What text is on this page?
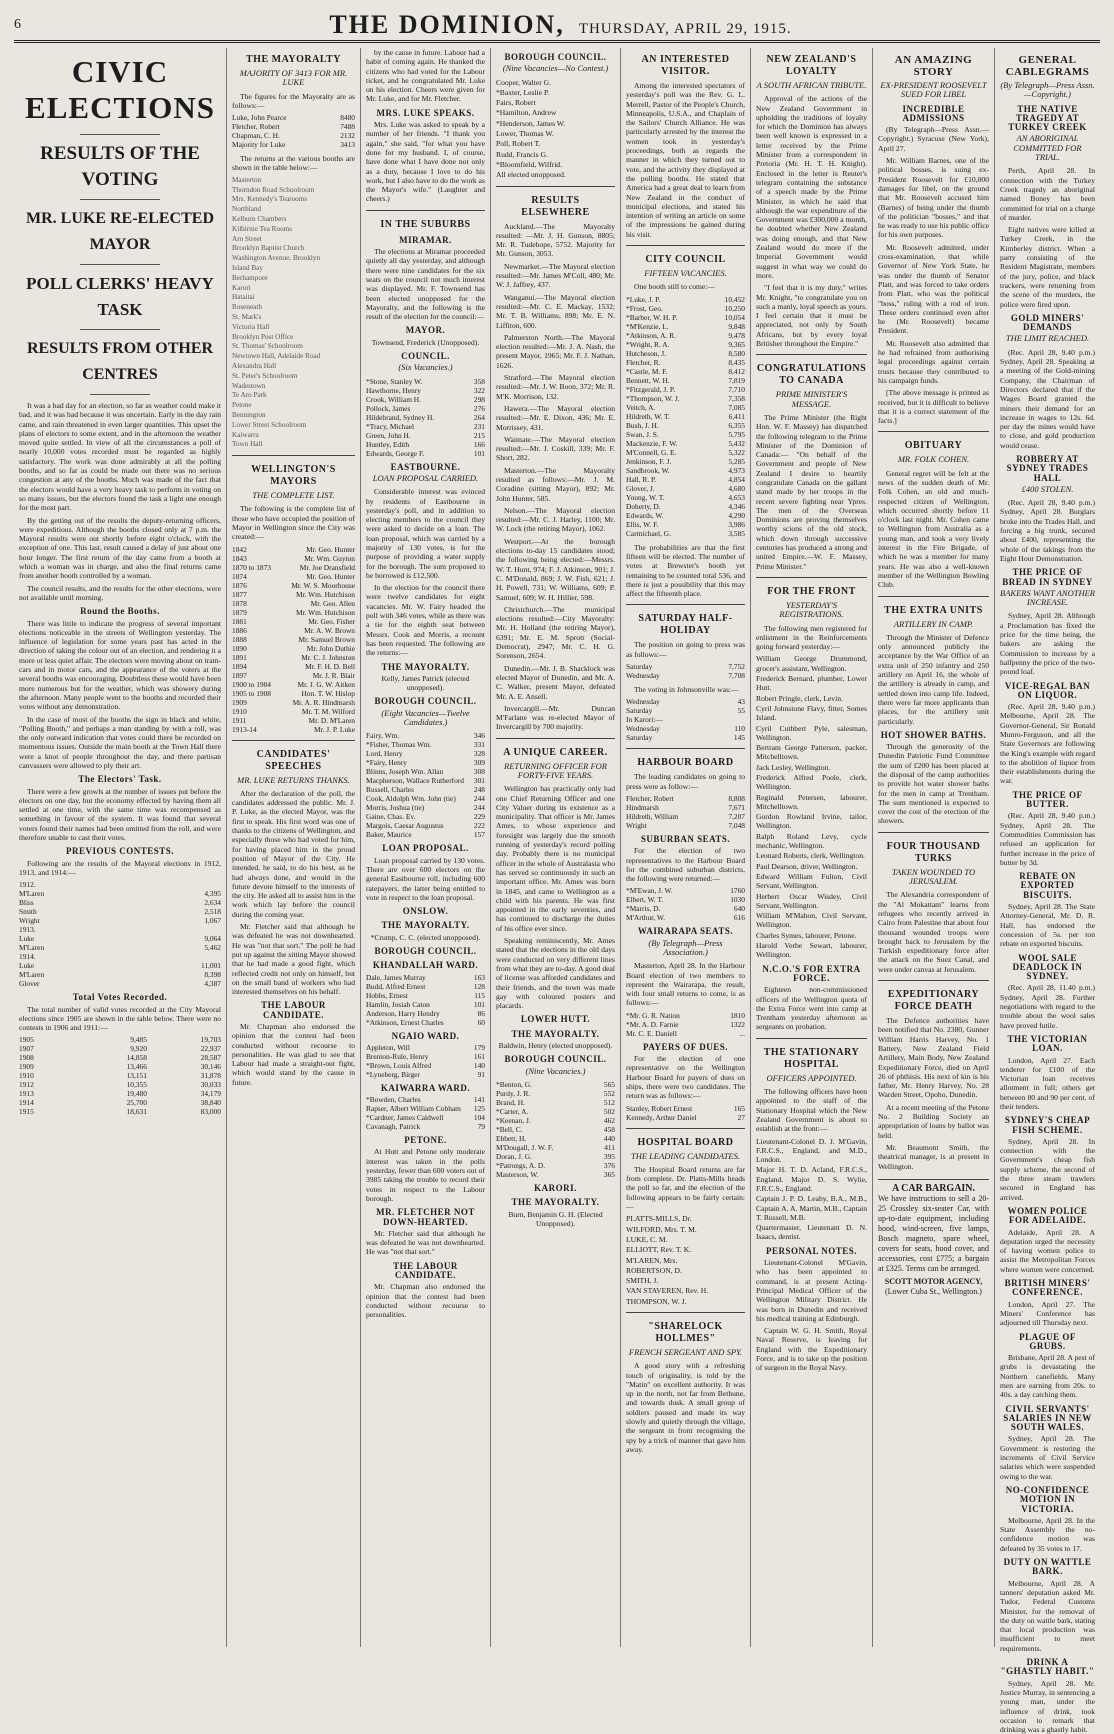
6	THE DOMINION, THURSDAY, APRIL 29, 1915.
CIVIC ELECTIONS
RESULTS OF THE VOTING
MR. LUKE RE-ELECTED MAYOR
POLL CLERKS' HEAVY TASK
RESULTS FROM OTHER CENTRES

It was a bad day for an election, so far as weather could make it bad, and it was bad because it was uncertain. Early in the day rain came, and rain threatened in even larger quantities. This upset the plans of electors to some extent, and in the afternoon the weather moved quite settled. In view of all the circumstances a poll of nearly 10,000 votes recorded must be regarded as highly satisfactory. The work was done admirably at all the polling booths, and so far as could be made out there was no serious congestion at any of the booths. Much was made of the fact that the electors would have a very heavy task to perform in voting on so many issues, but the electors found the task a light one enough for the most part.

By the getting out of the results the deputy-returning officers, were expeditious. Although the booths closed only at 7 p.m. the Mayoral results were out shortly before eight o'clock, with the exception of one. This last, result caused a delay of just about one hour longer. The first return of the day came from a booth at which a woman was in charge, and also the final returns came from another booth controlled by a woman.

The council results, and the results for the other elections, were not available until morning.

Round the Booths.

There was little to indicate the progress of several important elections noticeable in the streets of Wellington yesterday. The influence of legislation for some years past has acted in the direction of taking the colour out of an election, and rendering it a more or less quiet affair. The electors were moving about on tram-cars and in motor cars, and the appearance of the voters at the several booths was encouraging. Doubtless these would have been more numerous but for the weather, which was showery during the afternoon. Many people went to the booths and recorded their votes without any demonstration.

In the case of most of the booths the sign in black and white, "Polling Booth," and perhaps a man standing by with a roll, was the only outward indication that votes could there be recorded on momentous issues. Outside the main booth at the Town Hall there were a knot of people throughout the day, and there partisan canvassers were allowed to ply their art.

The Electors' Task.

There were a few growls at the number of issues put before the electors on one day, but the economy effected by having them all settled at one time, with the same time was recompensed as something in favour of the system. It was found that several voters found their names had been omitted from the roll, and were therefore unable to cast their votes.

PREVIOUS CONTESTS.

Following are the results of the Mayoral elections in 1912, 1913, and 1914:—

1912.	
M'Laren	4,395
Bliss	2,634
Smith	2,518
Wright	1,067
1913.	
Luke	9,064
M'Laren	5,462
1914.	
Luke	11,001
M'Laren	8,398
Glover	4,387
Total Votes Recorded.

The total number of valid votes recorded at the City Mayoral elections since 1905 are shown in the table below. There were no contests in 1906 and 1911:—

1905	9,485	19,703
1907	9,920	22,937
1908	14,858	28,587
1909	13,466	30,146
1910	13,151	31,878
1912	10,355	30,033
1913	19,480	34,179
1914	25,700	38,840
1915	18,631	83,000
THE MAYORALTY
MAJORITY OF 3413 FOR MR. LUKE

The figures for the Mayoralty are as follows:—

Luke, John Pearce	8480
Fletcher, Robert	7488
Chapman, C. H.	2132
Majority for Luke	3413

The returns at the various booths are shown in the table below:—

Masterton
Thorndon Road Schoolroom
Mrs. Kennedy's Tearooms
Northland
Kelburn Chambers
Kilbirnie Tea Rooms
Aro Street
Brooklyn Baptist Church
Washington Avenue, Brooklyn
Island Bay
Berhampore
Karori
Hataitai
Roseneath
St. Mark's
Victoria Hall
Brooklyn Post Office
St. Thomas' Schoolroom
Newtown Hall, Adelaide Road
Alexandra Hall
St. Peter's Schoolroom
Wadestown
Te Aro Park
Petone
Bennington
Lower Street Schoolroom
Kaiwarra
Town Hall
WELLINGTON'S MAYORS
THE COMPLETE LIST.

The following is the complete list of those who have occupied the position of Mayor in Wellington since the City was created:—

1842	Mr. Geo. Hunter
1843	Mr. Wm. Guyton
1870 to 1873	Mr. Joe Dransfield
1874	Mr. Geo. Hunter
1876	Mr. W. S. Moorhouse
1877	Mr. Wm. Hutchison
1878	Mr. Geo. Allen
1879	Mr. Wm. Hutchison
1881	Mr. Geo. Fisher
1886	Mr. A. W. Brown
1888	Mr. Samuel Brown
1890	Mr. John Duthie
1891	Mr. C. J. Johnston
1894	Mr. F. H. D. Bell
1897	Mr. J. R. Blair
1900 to 1904	Mr. J. G. W. Aitken
1905 to 1908	Hon. T. W. Hislop
1909	Mr. A. R. Hindmarsh
1910	Mr. T. M. Wilford
1911	Mr. D. M'Laren
1913-14	Mr. J. P. Luke
CANDIDATES' SPEECHES
MR. LUKE RETURNS THANKS.

After the declaration of the poll, the candidates addressed the public. Mr. J. P. Luke, as the elected Mayor, was the first to speak. His first word was one of thanks to the citizens of Wellington, and especially those who had voted for him, for having placed him in the proud position of Mayor of the City. He intended, he said, to do his best, as he had always done, and would in the future devote himself to the interests of the city. He asked all to assist him in the work which lay before the council during the coming year.

Mr. Fletcher said that although he was defeated he was not downhearted. He was "not that sort." The poll he had put up against the sitting Mayor showed that he had made a good fight, which reflected credit not only on himself, but on the small band of workers who had interested themselves on his behalf.

THE LABOUR CANDIDATE.

Mr. Chapman also endorsed the opinion that the contest had been conducted without recourse to personalities. He was glad to see that Labour had made a straight-out fight, which would stand by the cause in future.

by the cause in future. Labour had a habit of coming again. He thanked the citizens who had voted for the Labour ticket, and he congratulated Mr. Luke on his election. Cheers were given for Mr. Luke, and for Mr. Fletcher.

MRS. LUKE SPEAKS.

Mrs. Luke was asked to speak by a number of her friends. "I thank you again," she said, "for what you have done for my husband. I, of course, have done what I have done not only as a duty, because I love to do his work, but I also have to do the work as the Mayor's wife." (Laughter and cheers.)

IN THE SUBURBS
MIRAMAR.

The elections at Miramar proceeded quietly all day yesterday, and although there were nine candidates for the six seats on the council not much interest was displayed. Mr. F. Townsend has been elected unopposed for the Mayoralty, and the following is the result of the election for the council:—

MAYOR.
Townsend, Frederick (Unopposed).
COUNCIL.
(Six Vacancies.)
*Stone, Stanley W.	358
Hawthorne, Henry	322
Crook, William H.	298
Pollock, James	276
Hildebrand, Sydney H.	264
*Tracy, Michael	231
Green, John H.	215
Huntley, Edith	166
Edwards, George F.	101
EASTBOURNE.
LOAN PROPOSAL CARRIED.

Considerable interest was evinced by residents of Eastbourne in yesterday's poll, and in addition to electing members to the council they were asked to decide on a loan. The loan proposal, which was carried by a majority of 130 votes, is for the purpose of providing a water supply for the borough. The sum proposed to be borrowed is £12,500.

In the election for the council there were twelve candidates for eight vacancies. Mr. W. Fairy headed the poll with 346 votes, while as there was a tie for the eighth seat between Messrs. Cook and Morris, a recount has been requested. The following are the returns:—

THE MAYORALTY.
Kelly, James Patrick (elected unopposed).
BOROUGH COUNCIL.
(Eight Vacancies—Twelve Candidates.)
Fairy, Wm.	346
*Fisher, Thomas Wm.	331
Lord, Henry	328
*Fairy, Henry	309
Blinns, Joseph Wm. Allan	308
Macpherson, Wallace Rutherford	301
Russell, Charles	248
Cook, Aldolph Wm. John (tie)	244
Morris, Joshua (tie)	244
Gaine, Chas. Ev.	229
Margois, Caesar Augustus	222
Baker, Maurice	157
LOAN PROPOSAL.

Loan proposal carried by 130 votes. There are over 600 electors on the general Eastbourne roll, including 600 ratepayers, the latter being entitled to vote in respect to the loan proposal.

ONSLOW.
THE MAYORALTY.
*Crump, C. C. (elected unopposed).
BOROUGH COUNCIL.
KHANDALLAH WARD.
Dale, James Murray	163
Budd, Alfred Ernest	128
Hobbs, Ernest	115
Hamlin, Josiah Caton	101
Anderson, Harry Hendry	86
*Atkinson, Ernest Charles	60
NGAIO WARD.
Appleton, Will	179
Brenton-Rule, Henry	161
*Brown, Louis Alfred	140
*Lyneberg, Birger	91
KAIWARRA WARD.
*Bowden, Charles	141
Rapser, Albert William Cobham	125
*Cardner, James Caldwell	104
Cavanagh, Patrick	79
PETONE.

At Hutt and Petone only moderate interest was taken in the polls yesterday, fewer than 600 voters out of 3985 taking the trouble to record their votes in respect to the Labour borough.

MR. FLETCHER NOT DOWN-HEARTED.

Mr. Fletcher said that although he was defeated he was not downhearted. He was "not that sort."

THE LABOUR CANDIDATE.

Mr. Chapman also endorsed the opinion that the contest had been conducted without recourse to personalities.

BOROUGH COUNCIL.
(Nine Vacancies—No Contest.)
Cooper, Walter G.
*Baxter, Leslie P.
Fairs, Robert
*Hamilton, Andrew
*Henderson, James W.
Lower, Thomas W.
Poll, Robert T.
Rudd, Francis G.
*Bloomfield, Wilfrid.
All elected unopposed.
RESULTS ELSEWHERE

Auckland.—The Mayoralty resulted: —Mr. J. H. Gunson, 8805; Mr. R. Tudehope, 5752. Majority for Mr. Gunson, 3053.

Newmarket.—The Mayoral election resulted:—Mr. James M'Coll, 480; Mr. W. J. Jaffrey, 437.

Wanganui.—The Mayoral election resulted:—Mr. C. E. Mackay, 1532; Mr. T. B. Williams, 898; Mr. E. N. Liffiton, 600.

Palmerston North.—The Mayoral election resulted:—Mr. J. A. Nash, the present Mayor, 1965; Mr. F. J. Nathan, 1626.

Stratford.—The Mayoral election resulted:—Mr. J. W. Boon, 372; Mr. R. M'K. Morrison, 132.

Hawera.—The Mayoral election resulted:—Mr. E. Dixon, 436; Mr. E. Morrissey, 431.

Waimate.—The Mayoral election resulted:—Mr. J. Coskill, 339; Mr. F. Short, 282.

Masterton.—The Mayoralty resulted as follows:—Mr. J. M. Coradine (sitting Mayor), 892; Mr. John Hunter, 585.

Nelson.—The Mayoral election resulted:—Mr. C. J. Harley, 1100; Mr. W. Lock (the retiring Mayor), 1062.

Westport.—At the borough elections to-day 15 candidates stood; the following being elected:—Messrs. W. T. Hunt, 974; F. J. Atkinson, 901; J. C. M'Donald, 869; J. W. Fish, 621; J. H. Powell, 731; W. Williams, 609; P. Samuel, 609; W. H. Hillier, 598.

Christchurch.—The municipal elections resulted:—City Mayoralty: Mr. H. Holland (the retiring Mayor), 6391; Mr. E. M. Sprott (Social-Democrat), 2947; Mr. C. H. G. Sorenson, 2654.

Dunedin.—Mr. J. B. Shacklock was elected Mayor of Dunedin, and Mr. A. C. Walker, present Mayor, defeated Mr. A. E. Ansell.

Invercargill.—Mr. Duncan M'Farlane was re-elected Mayor of Invercargill by 700 majority.

A UNIQUE CAREER.
RETURNING OFFICER FOR FORTY-FIVE YEARS.

Wellington has practically only had one Chief Returning Officer and one City Valuer during its existence as a municipality. That officer is Mr. James Ames, to whose experience and foresight was largely due the smooth running of yesterday's record polling day. Probably there is no municipal officer in the whole of Australasia who has served so continuously in such an important office. Mr. Ames was born in 1845, and came to Wellington as a child with his parents. He was first appointed in the early seventies, and has continued to discharge the duties of his office ever since.

Speaking reminiscently, Mr. Ames stated that the elections in the old days were conducted on very different lines from what they are to-day. A good deal of license was afforded candidates and their friends, and the town was made gay with coloured posters and placards.

LOWER HUTT.
THE MAYORALTY.
Baldwin, Henry (elected unopposed).
BOROUGH COUNCIL.
(Nine Vacancies.)
*Benton, G.	565
Purdy, J. R.	552
Brand, H.	512
*Carter, A.	502
*Keenan, J.	462
*Bell, C.	458
Ebbett, H.	440
M'Dougall, J. W. F.	411
Doran, J. G.	395
*Patrongs, A. D.	376
Masterson, W.	365
KARORI.
THE MAYORALTY.
Burn, Benjamin G. H. (Elected Unopposed).
AN INTERESTED VISITOR.

Among the interested spectators of yesterday's poll was the Rev. G. L. Merrell, Pastor of the People's Church, Minneapolis, U.S.A., and Chaplain of the Sailors' Church Alliance. He was particularly arrested by the interest the women took in yesterday's proceedings, both as regards the manner in which they turned out to vote, and the activity they displayed at the polling booths. He stated that America had a great deal to learn from New Zealand in the conduct of municipal elections, and stated his intention of writing an article on some of the impressions he gained during his visit.

CITY COUNCIL
FIFTEEN VACANCIES.

One booth still to come:—

*Luke, J. P.	10,452
*Frost, Geo.	10,250
*Barber, W. H. P.	10,054
*M'Kenzie, L.	9,848
*Atkinson, A. R.	9,478
*Wright, R. A.	9,365
Hutcheson, J.	8,580
Fletcher, R.	8,435
*Castle, M. F.	8,412
Bennett, W. H.	7,819
*Fitzgerald, J. P.	7,710
*Thompson, W. J.	7,358
Veitch, A.	7,085
Hildreth, W. T.	6,411
Bush, J. H.	6,355
Swan, J. S.	5,795
Mackenzie, F. W.	5,432
M'Connell, G. E.	5,322
Jenkinson, F. J.	5,285
Sandbrook, W.	4,973
Hall, R. P.	4,854
Glover, J.	4,680
Young, W. T.	4,653
Doherty, D.	4,346
Edwards, W.	4,290
Ellis, W. F.	3,986
Carmichael, G.	3,585

The probabilities are that the first fifteen will be elected. The number of votes at Brewster's booth yet remaining to be counted total 536, and there is just a possibility that this may affect the fifteenth place.

SATURDAY HALF-HOLIDAY

The position on going to press was as follows:—

Saturday	7,752
Wednesday	7,708

The voting in Johnsonville was:—

Wednesday	43
Saturday	55
In Karori:—	
Wednesday	110
Saturday	145
HARBOUR BOARD

The leading candidates on going to press were as follow:—

Fletcher, Robert	8,808
Hindmarsh	7,671
Hildreth, William	7,207
Wright	7,048
SUBURBAN SEATS.

For the election of two representatives to the Harbour Board for the combined suburban districts, the following were returned:—

*M'Ewan, J. W.	1760
Elbert, W. T.	1030
*Marris, D.	640
M'Arthur, W.	616
WAIRARAPA SEATS.
(By Telegraph—Press Association.)

Masterton, April 28. In the Harbour Board election of two members to represent the Wairarapa, the result, with four small returns to come, is as follows:—

*Mr. G. R. Nation	1810
*Mr. A. D. Farnie	1322
Mr. C. E. Daniell	...
PAYERS OF DUES.

For the election of one representative on the Wellington Harbour Board for payers of dues on ships, there were two candidates. The return was as follows:—

Stanley, Robert Ernest	165
Kennedy, Arthur Daniel	27
HOSPITAL BOARD
THE LEADING CANDIDATES.

The Hospital Board returns are far from complete. Dr. Platts-Mills heads the poll so far, and the election of the following appears to be fairly certain:—

PLATTS-MILLS, Dr.
WILFORD, Mrs. T. M.
LUKE, C. M.
ELLIOTT, Rev. T. K.
M'LAREN, Mrs.
ROBERTSON, D.
SMITH, J.
VAN STAVEREN, Rev. H.
THOMPSON, W. J.
"SHARELOCK HOLLMES"
FRENCH SERGEANT AND SPY.

A good story with a refreshing touch of originality, is told by the "Matin" on excellent authority. It was up in the north, not far from Bethune, and towards dusk. A small group of soldiers paused and made its way slowly and quietly through the village, the sergeant in front recognising the spy by a trick of manner that gave him away.

NEW ZEALAND'S LOYALTY
A SOUTH AFRICAN TRIBUTE.

Approval of the actions of the New Zealand Government in upholding the traditions of loyalty for which the Dominion has always been well known is expressed in a letter received by the Prime Minister from a correspondent in Pretoria (Mr. H. T. H. Knight). Enclosed in the letter is Reuter's telegram containing the substance of a speech made by the Prime Minister, in which he said that although the war expenditure of the Government was £300,000 a month, he doubted whether New Zealand was doing enough, and that New Zealand would do more if the Imperial Government would suggest in what way we could do more.

"I feel that it is my duty," writes Mr. Knight, "to congratulate you on such a manly, loyal speech as yours. I feel certain that it must be appreciated, not only by South Africans, but by every loyal Britisher throughout the Empire."

CONGRATULATIONS TO CANADA
PRIME MINISTER'S MESSAGE.

The Prime Minister (the Right Hon. W. F. Massey) has dispatched the following telegram to the Prime Minister of the Dominion of Canada:— "On behalf of the Government and people of New Zealand I desire to heartily congratulate Canada on the gallant stand made by her troops in the recent severe fighting near Ypres. The men of the Overseas Dominions are proving themselves worthy scions of the old stock, which down through successive centuries has produced a strong and united Empire.—W. F. Massey, Prime Minister."

FOR THE FRONT
YESTERDAY'S REGISTRATIONS.

The following men registered for enlistment in the Reinforcements going forward yesterday:—

William George Drummond, grocer's assistant, Wellington.
Frederick Bernard, plumber, Lower Hutt.
Robert Pringle, clerk, Levin.
Cyril Johnstone Flavy, fitter, Somes Island.
Cyril Cuthbert Pyle, salesman, Wellington.
Bertram George Patterson, packer, Mitchelltown.
Jack Lesley, Wellington.
Frederick Alfred Poole, clerk, Wellington.
Reginald Petersen, labourer, Mitchelltown.
Gordon Rowland Irvine, tailor, Wellington.
Ralph Roland Levy, cycle mechanic, Wellington.
Leonard Roberts, clerk, Wellington.
Paul Dearson, driver, Wellington.
Edward William Fulton, Civil Servant, Wellington.
Herbert Oscar Wisdey, Civil Servant, Wellington.
William M'Mahon, Civil Servant, Wellington.
Charles Symes, labourer, Petone.
Harold Verbe Sewart, labourer, Wellington.
N.C.O.'S FOR EXTRA FORCE.

Eighteen non-commissioned officers of the Wellington quota of the Extra Force went into camp at Trentham yesterday afternoon as sergeants on probation.

THE STATIONARY HOSPITAL
OFFICERS APPOINTED.

The following officers have been appointed to the staff of the Stationary Hospital which the New Zealand Government is about to establish at the front:—

Lieutenant-Colonel D. J. M'Gavin, F.R.C.S., England, and M.D., London.
Major H. T. D. Acland, F.R.C.S., England. Major D. S. Wylie, F.R.C.S., England.
Captain J. P. D. Leahy, B.A., M.B., Captain A. A. Martin, M.B., Captain T. Russell, M.B.
Quartermaster, Lieutenant D. N. Isaacs, dentist.
PERSONAL NOTES.

Lieutenant-Colonel M'Gavin, who has been appointed to command, is at present Acting-Principal Medical Officer of the Wellington Military District. He was born in Dunedin and received his medical training at Edinburgh.

Captain W. G. H. Smith, Royal Naval Reserve, is leaving for England with the Expeditionary Force, and is to take up the position of surgeon in the Royal Navy.

AN AMAZING STORY
EX-PRESIDENT ROOSEVELT SUED FOR LIBEL
INCREDIBLE ADMISSIONS

(By Telegraph—Press Assn.—Copyright.) Syracuse (New York), April 27.

Mr. William Barnes, one of the political bosses, is suing ex-President Roosevelt for £10,000 damages for libel, on the ground that Mr. Roosevelt accused him (Barnes) of being under the thumb of the politician "bosses," and that he was ready to use his public office for his own purposes.

Mr. Roosevelt admitted, under cross-examination, that while Governor of New York State, he was under the thumb of Senator Platt, and was forced to take orders from Platt, who was the political "boss," ruling with a rod of iron. These orders continued even after he (Mr. Roosevelt) became President.

Mr. Roosevelt also admitted that he had refrained from authorising legal proceedings against certain trusts because they contributed to his campaign funds.

[The above message is printed as received, but it is difficult to believe that it is a correct statement of the facts.]

OBITUARY
MR. FOLK COHEN.

General regret will be felt at the news of the sudden death of Mr. Folk Cohen, an old and much-respected citizen of Wellington, which occurred shortly before 11 o'clock last night. Mr. Cohen came to Wellington from Australia as a young man, and took a very lively interest in the Fire Brigade, of which he was a member for many years. He was also a well-known member of the Wellington Bowling Club.

THE EXTRA UNITS
ARTILLERY IN CAMP.

Through the Minister of Defence only announced publicly the acceptance by the War Office of an extra unit of 250 infantry and 250 artillery on April 16, the whole of the artillery is already in camp, and settled down into camp life. Indeed, there were far more applicants than places, for the artillery unit particularly.

HOT SHOWER BATHS.

Through the generosity of the Dunedin Patriotic Fund Committee the sum of £200 has been placed at the disposal of the camp authorities to provide hot water shower baths for the men in camp at Trentham. The sum mentioned is expected to cover the cost of the erection of the showers.

FOUR THOUSAND TURKS
TAKEN WOUNDED TO JERUSALEM.

The Alexandria correspondent of the "Al Mokattam" learns from refugees who recently arrived in Cairo from Palestine that about four thousand wounded troops were brought back to Jerusalem by the Turkish expeditionary force after the attack on the Suez Canal, and were under canvas at Jerusalem.

EXPEDITIONARY FORCE DEATH

The Defence authorities have been notified that No. 2380, Gunner William Harris Harvey, No. 1 Battery, New Zealand Field Artillery, Main Body, New Zealand Expeditionary Force, died on April 26 of phthisis. His next of kin is his father, Mr. Henry Harvey, No. 28 Warden Street, Opoho, Dunedin.

At a recent meeting of the Petone No. 2 Building Society an appropriation of loans by ballot was held.

Mr. Beaumont Smith, the theatrical manager, is at present in Wellington.

A CAR BARGAIN.
We have instructions to sell a 20-25 Crossley six-seater Car, with up-to-date equipment, including hood, wind-screen, five lamps, Bosch magneto, spare wheel, covers for seats, hood cover, and accessories, cost £775; a bargain at £325. Terms can be arranged.
SCOTT MOTOR AGENCY,
(Lower Cuba St., Wellington.)
GENERAL CABLEGRAMS
(By Telegraph—Press Assn.—Copyright.)
THE NATIVE TRAGEDY AT TURKEY CREEK
AN ABORIGINAL COMMITTED FOR TRIAL.

Perth, April 28. In connection with the Turkey Creek tragedy an aboriginal named Boney has been committed for trial on a charge of murder.

Eight natives were killed at Turkey Creek, in the Kimberley district. When a party consisting of the Resident Magistrate, members of the jury, police, and black trackers, were returning from the scene of the murders, the police were fired upon.

GOLD MINERS' DEMANDS
THE LIMIT REACHED.

(Rec. April 28, 9.40 p.m.) Sydney, April 28. Speaking at a meeting of the Gold-mining Company, the Chairman of Directors declared that if the Wages Board granted the miners their demand for an increase in wages to 12s. 6d. per day the mines would have to close, and gold production would cease.

ROBBERY AT SYDNEY TRADES HALL
£400 STOLEN.

(Rec. April 28, 9.40 p.m.) Sydney, April 28. Burglars broke into the Trades Hall, and forcing a big trunk, secured about £400, representing the whole of the takings from the Eight Hour Demonstration.

THE PRICE OF BREAD IN SYDNEY
BAKERS WANT ANOTHER INCREASE.

Sydney, April 28. Although a Proclamation has fixed the price for the time being, the bakers are asking the Commission to increase by a halfpenny the price of the two-pound loaf.

VICE-REGAL BAN ON LIQUOR.

(Rec. April 28, 9.40 p.m.) Melbourne, April 28. The Governor-General, Sir Ronald Munro-Ferguson, and all the State Governors are following the King's example with regard to the abolition of liquor from their establishments during the war.

THE PRICE OF BUTTER.

(Rec. April 28, 9.40 p.m.) Sydney, April 28. The Commodities Commission has refused an application for further increase in the price of butter by 3d.

REBATE ON EXPORTED BISCUITS.

Sydney, April 28. The State Attorney-General, Mr. D. R. Hall, has endorsed the concession of 5s. per ton rebate on exported biscuits.

WOOL SALE DEADLOCK IN SYDNEY.

(Rec. April 28, 11.40 p.m.) Sydney, April 28. Further negotiations with regard to the trouble about the wool sales have proved futile.

THE VICTORIAN LOAN.

London, April 27. Each tenderer for £100 of the Victorian loan receives allotment in full; others get between 80 and 90 per cent. of their tenders.

SYDNEY'S CHEAP FISH SCHEME.

Sydney, April 28. In connection with the Government's cheap fish supply scheme, the second of the three steam trawlers secured in England has arrived.

WOMEN POLICE FOR ADELAIDE.

Adelaide, April 28. A deputation urged the necessity of having women police to assist the Metropolitan Forces where women were concerned.

BRITISH MINERS' CONFERENCE.

London, April 27. The Miners' Conference has adjourned till Thursday next.

PLAGUE OF GRUBS.

Brisbane, April 28. A pest of grubs is devastating the Northern canefields. Many men are earning from 20s. to 40s. a day catching them.

CIVIL SERVANTS' SALARIES IN NEW SOUTH WALES.

Sydney, April 28. The Government is restoring the increments of Civil Service salaries which were suspended owing to the war.

NO-CONFIDENCE MOTION IN VICTORIA.

Melbourne, April 28. In the State Assembly the no-confidence motion was defeated by 35 votes to 17.

DUTY ON WATTLE BARK.

Melbourne, April 28. A tanners' deputation asked Mr. Tudor, Federal Customs Minister, for the removal of the duty on wattle bark, stating that local production was insufficient to meet requirements.

DRINK A "GHASTLY HABIT."

Sydney, April 28. Mr. Justice Murray, in sentencing a young man, under the influence of drink, took occasion to remark that drinking was a ghastly habit.
